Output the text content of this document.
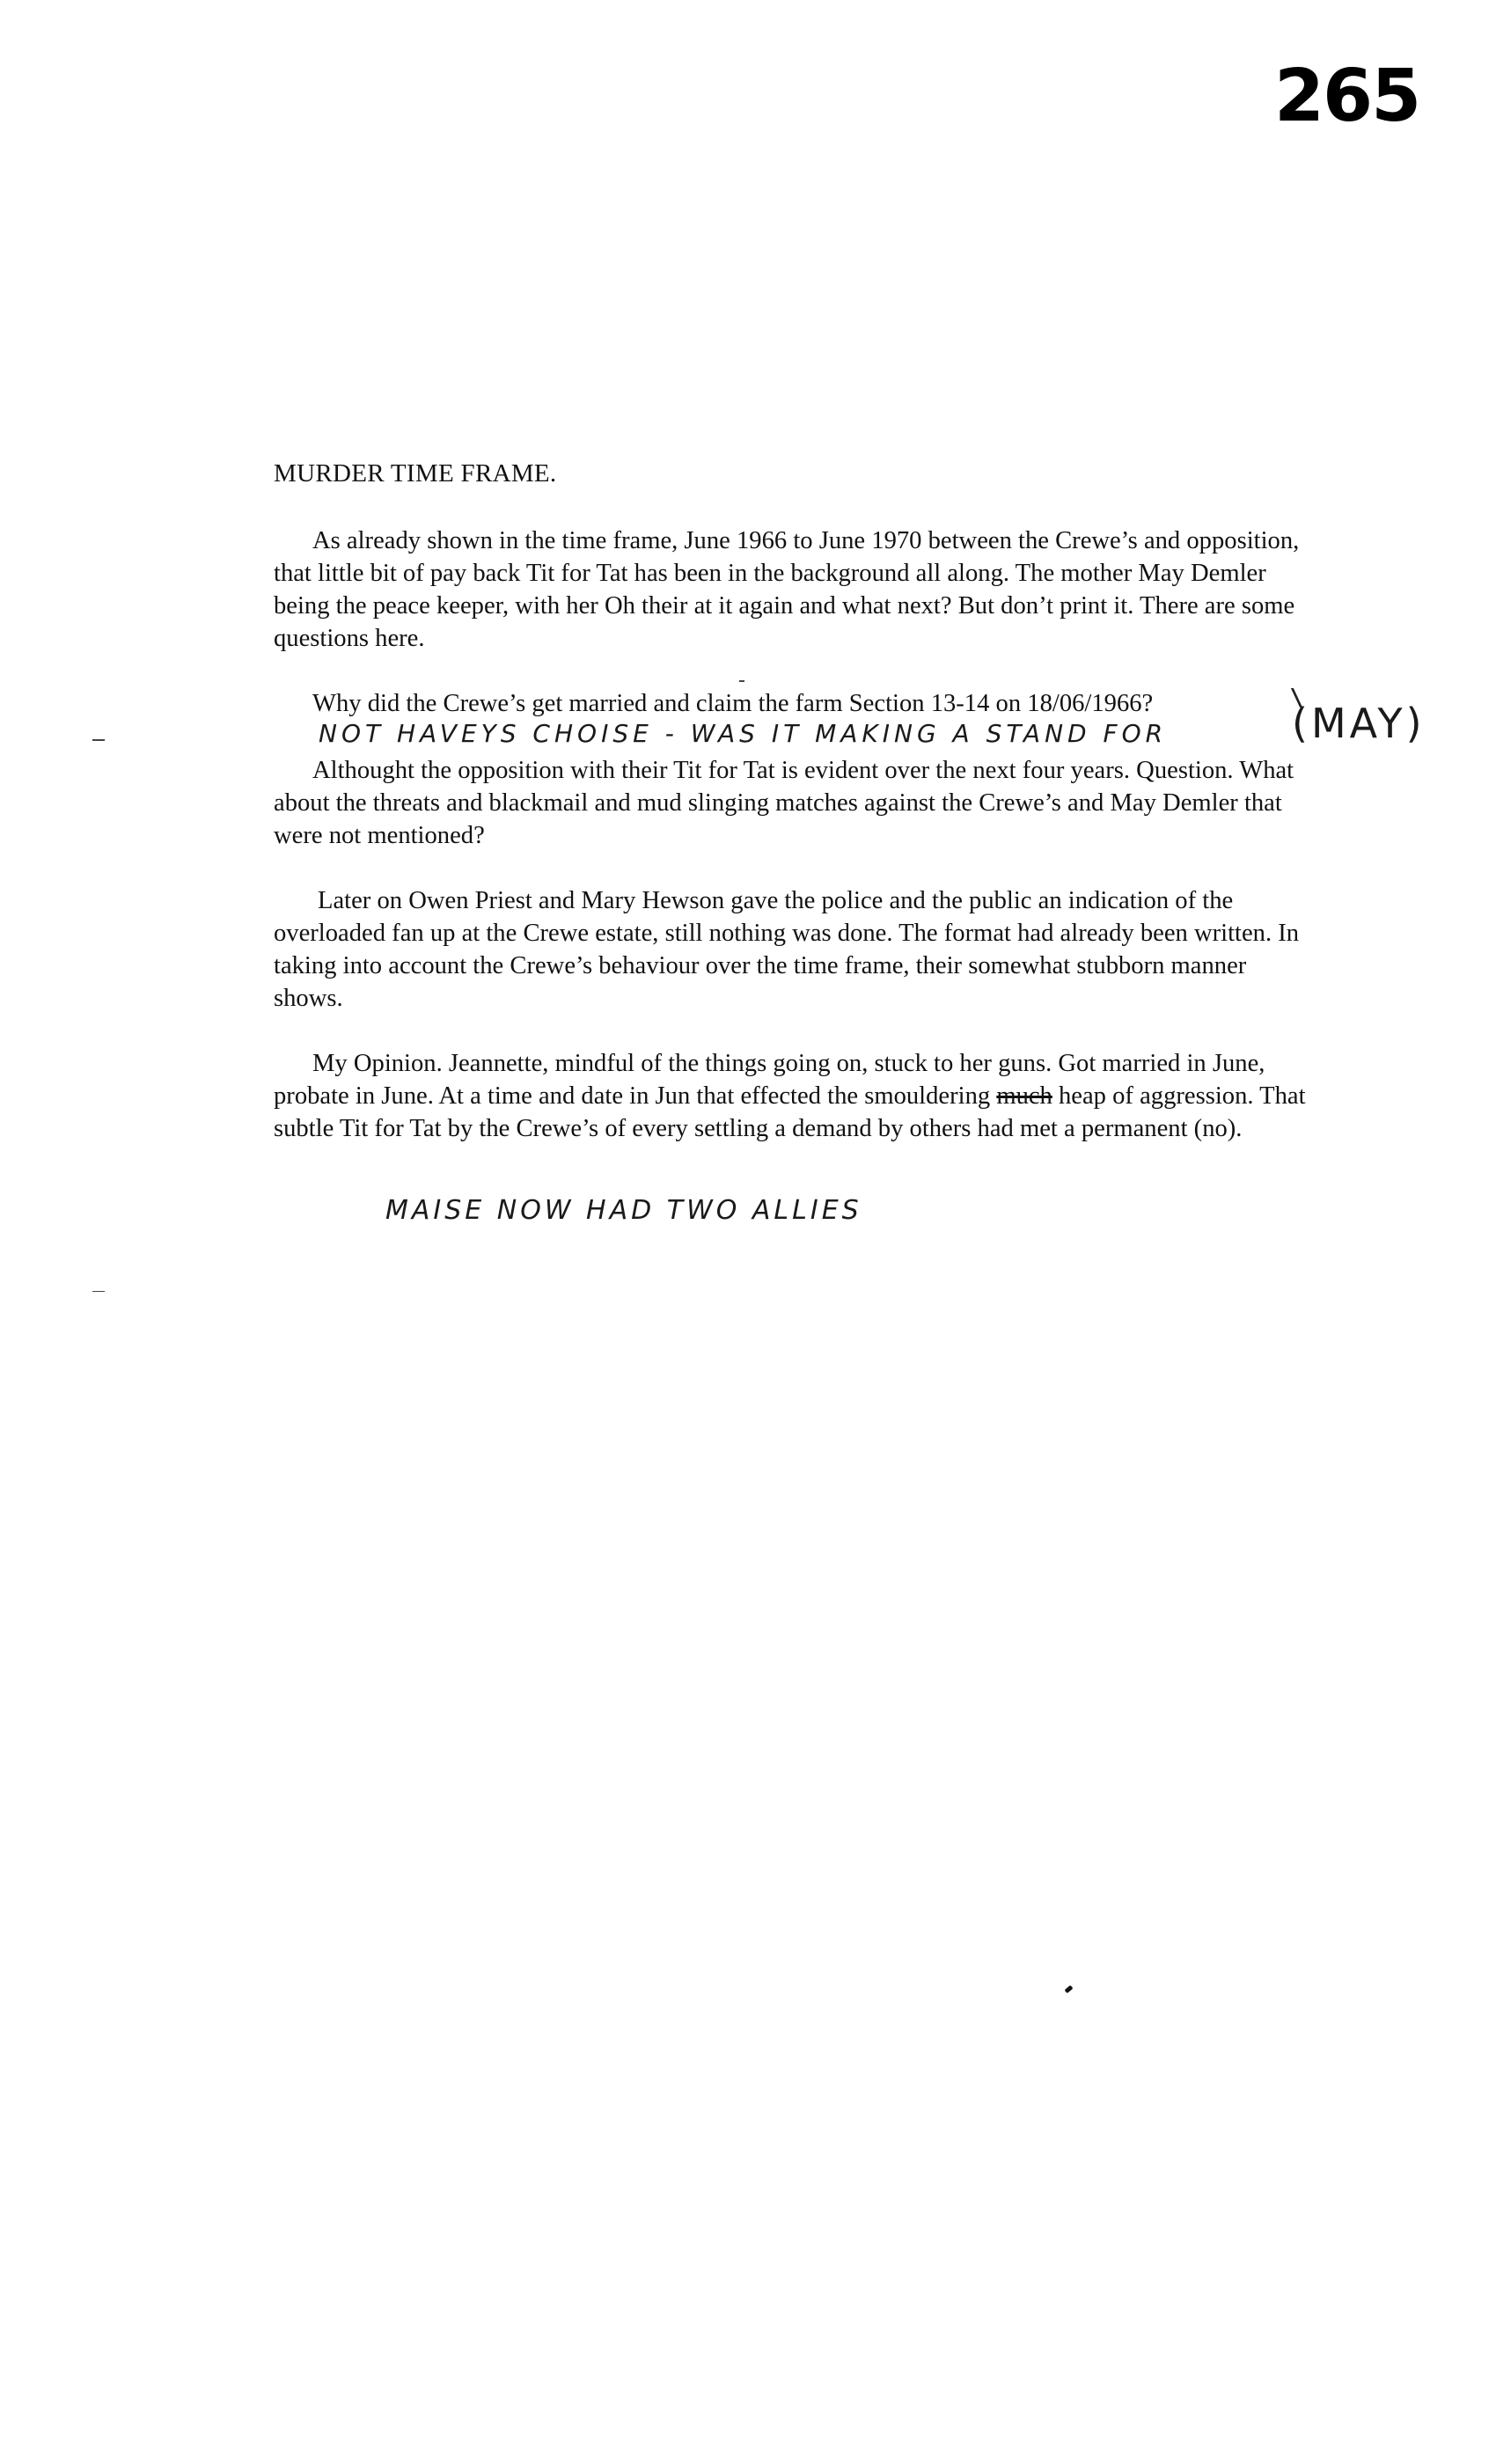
265
MURDER TIME FRAME.

As already shown in the time frame, June 1966 to June 1970 between the Crewe’s and opposition, that little bit of pay back Tit for Tat has been in the background all along. The mother May Demler being the peace keeper, with her Oh their at it again and what next? But don’t print it. There are some questions here.

Why did the Crewe’s get married and claim the farm Section 13-14 on 18/06/1966?
NOT HAVEYS CHOISE - WAS IT MAKING A STAND FOR	(MAY)

Althought the opposition with their Tit for Tat is evident over the next four years. Question. What about the threats and blackmail and mud slinging matches against the Crewe’s and May Demler that were not mentioned?

Later on Owen Priest and Mary Hewson gave the police and the public an indication of the overloaded fan up at the Crewe estate, still nothing was done. The format had already been written. In taking into account the Crewe’s behaviour over the time frame, their somewhat stubborn manner shows.

My Opinion. Jeannette, mindful of the things going on, stuck to her guns. Got married in June, probate in June. At a time and date in Jun that effected the smouldering much heap of aggression. That subtle Tit for Tat by the Crewe’s of every settling a demand by others had met a permanent (no).

MAISE NOW HAD TWO ALLIES
